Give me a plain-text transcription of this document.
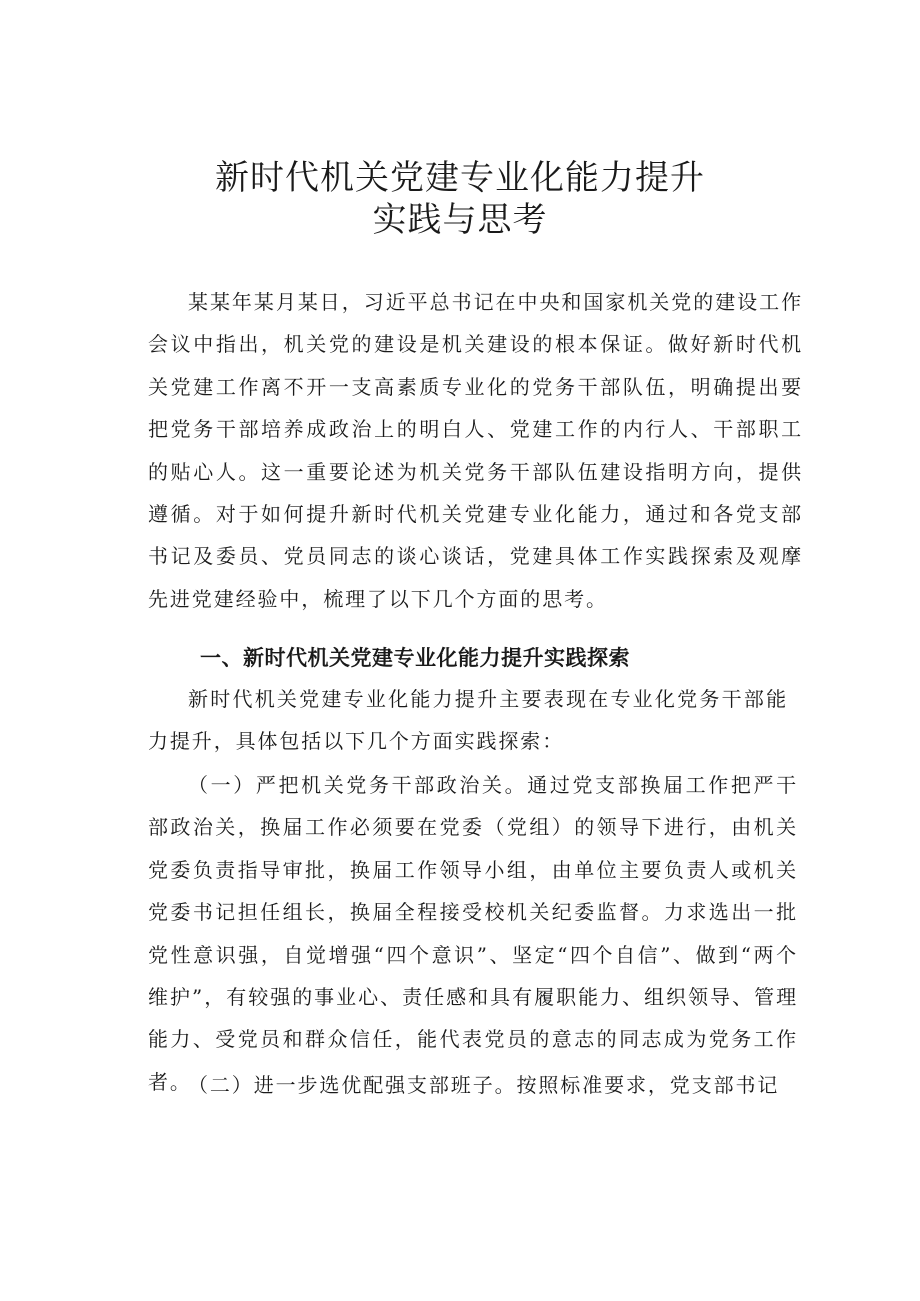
新时代机关党建专业化能力提升
实践与思考

某某年某月某日，习近平总书记在中央和国家机关党的建设工作会议中指出，机关党的建设是机关建设的根本保证。做好新时代机关党建工作离不开一支高素质专业化的党务干部队伍，明确提出要把党务干部培养成政治上的明白人、党建工作的内行人、干部职工的贴心人。这一重要论述为机关党务干部队伍建设指明方向，提供遵循。对于如何提升新时代机关党建专业化能力，通过和各党支部书记及委员、党员同志的谈心谈话，党建具体工作实践探索及观摩先进党建经验中，梳理了以下几个方面的思考。

一、新时代机关党建专业化能力提升实践探索

新时代机关党建专业化能力提升主要表现在专业化党务干部能力提升，具体包括以下几个方面实践探索：

（一）严把机关党务干部政治关。通过党支部换届工作把严干部政治关，换届工作必须要在党委（党组）的领导下进行，由机关党委负责指导审批，换届工作领导小组，由单位主要负责人或机关党委书记担任组长，换届全程接受校机关纪委监督。力求选出一批党性意识强，自觉增强“四个意识”、坚定“四个自信”、做到“两个维护”，有较强的事业心、责任感和具有履职能力、组织领导、管理能力、受党员和群众信任，能代表党员的意志的同志成为党务工作者。

（二）进一步选优配强支部班子。按照标准要求，党支部书记
